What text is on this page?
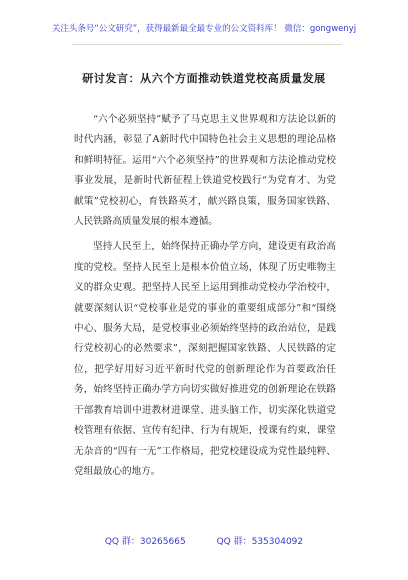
关注头条号“公文研究”，获得最新最全最专业的公文资料库！ 微信：gongwenyj
研讨发言：从六个方面推动铁道党校高质量发展

“六个必须坚持”赋予了马克思主义世界观和方法论以新的时代内涵，彰显了A新时代中国特色社会主义思想的理论品格和鲜明特征。运用“六个必须坚持”的世界观和方法论推动党校事业发展，是新时代新征程上铁道党校践行“为党育才、为党献策”党校初心，育铁路英才，献兴路良策，服务国家铁路、人民铁路高质量发展的根本遵循。

坚持人民至上，始终保持正确办学方向，建设更有政治高度的党校。坚持人民至上是根本价值立场，体现了历史唯物主义的群众史观。把坚持人民至上运用到推动党校办学治校中，就要深刻认识“党校事业是党的事业的重要组成部分”和“围绕中心、服务大局，是党校事业必须始终坚持的政治站位，是践行党校初心的必然要求”，深刻把握国家铁路、人民铁路的定位，把学好用好习近平新时代党的创新理论作为首要政治任务，始终坚持正确办学方向切实做好推进党的创新理论在铁路干部教育培训中进教材进课堂、进头脑工作，切实深化铁道党校管理有依据、宣传有纪律、行为有规矩，授课有约束，课堂无杂音的“四有一无”工作格局，把党校建设成为党性最纯粹、党组最放心的地方。

QQ 群：30265665	QQ 群：535304092
